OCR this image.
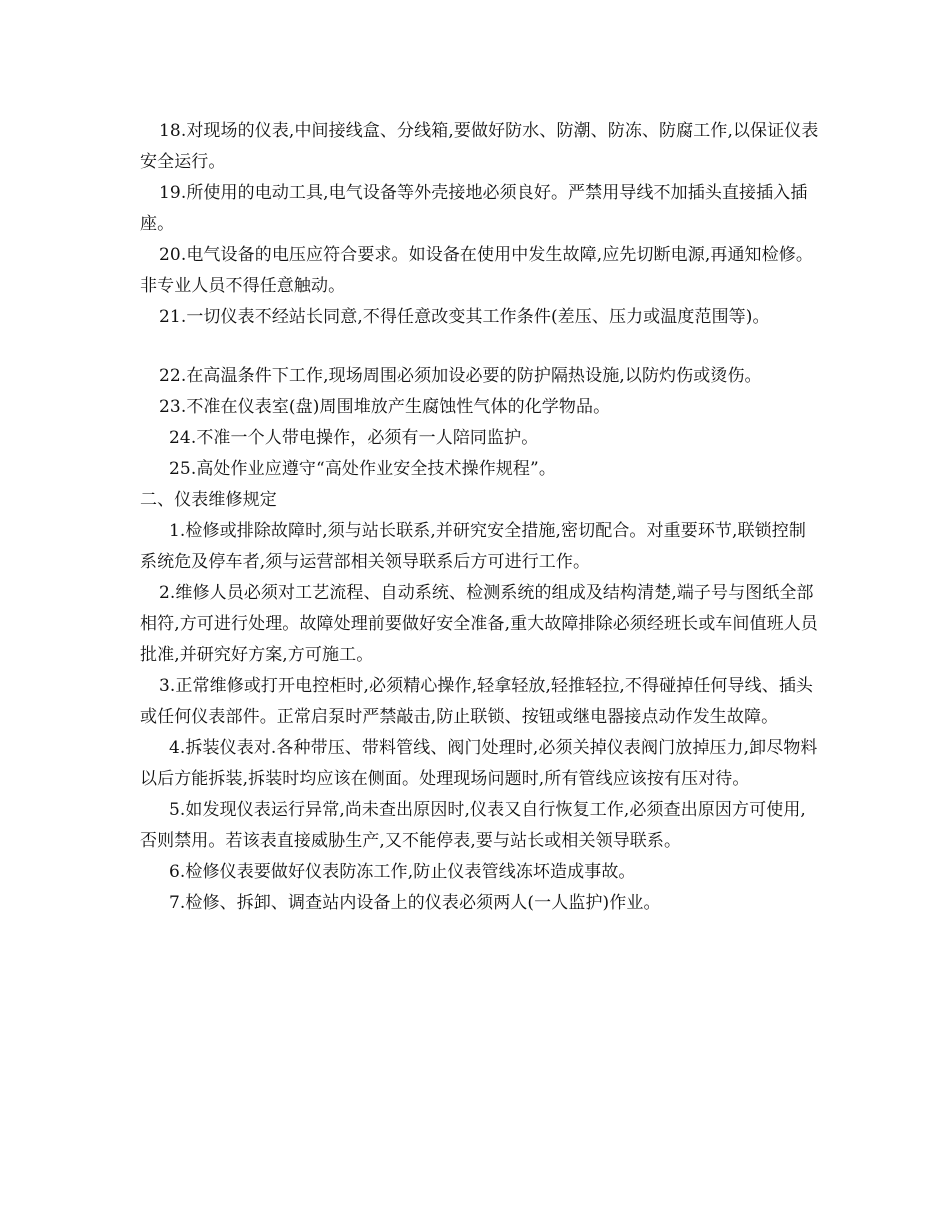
18.对现场的仪表,中间接线盒、分线箱,要做好防水、防潮、防冻、防腐工作,以保证仪表安全运行。

19.所使用的电动工具,电气设备等外壳接地必须良好。严禁用导线不加插头直接插入插座。

20.电气设备的电压应符合要求。如设备在使用中发生故障,应先切断电源,再通知检修。非专业人员不得任意触动。

21.一切仪表不经站长同意,不得任意改变其工作条件(差压、压力或温度范围等)。

22.在高温条件下工作,现场周围必须加设必要的防护隔热设施,以防灼伤或烫伤。

23.不准在仪表室(盘)周围堆放产生腐蚀性气体的化学物品。

24.不准一个人带电操作，必须有一人陪同监护。

25.高处作业应遵守“高处作业安全技术操作规程”。

二、仪表维修规定

1.检修或排除故障时,须与站长联系,并研究安全措施,密切配合。对重要环节,联锁控制系统危及停车者,须与运营部相关领导联系后方可进行工作。

2.维修人员必须对工艺流程、自动系统、检测系统的组成及结构清楚,端子号与图纸全部相符,方可进行处理。故障处理前要做好安全准备,重大故障排除必须经班长或车间值班人员批准,并研究好方案,方可施工。

3.正常维修或打开电控柜时,必须精心操作,轻拿轻放,轻推轻拉,不得碰掉任何导线、插头或任何仪表部件。正常启泵时严禁敲击,防止联锁、按钮或继电器接点动作发生故障。

4.拆装仪表对.各种带压、带料管线、阀门处理时,必须关掉仪表阀门放掉压力,卸尽物料以后方能拆装,拆装时均应该在侧面。处理现场问题时,所有管线应该按有压对待。

5.如发现仪表运行异常,尚未查出原因时,仪表又自行恢复工作,必须查出原因方可使用,否则禁用。若该表直接威胁生产,又不能停表,要与站长或相关领导联系。

6.检修仪表要做好仪表防冻工作,防止仪表管线冻坏造成事故。

7.检修、拆卸、调查站内设备上的仪表必须两人(一人监护)作业。
